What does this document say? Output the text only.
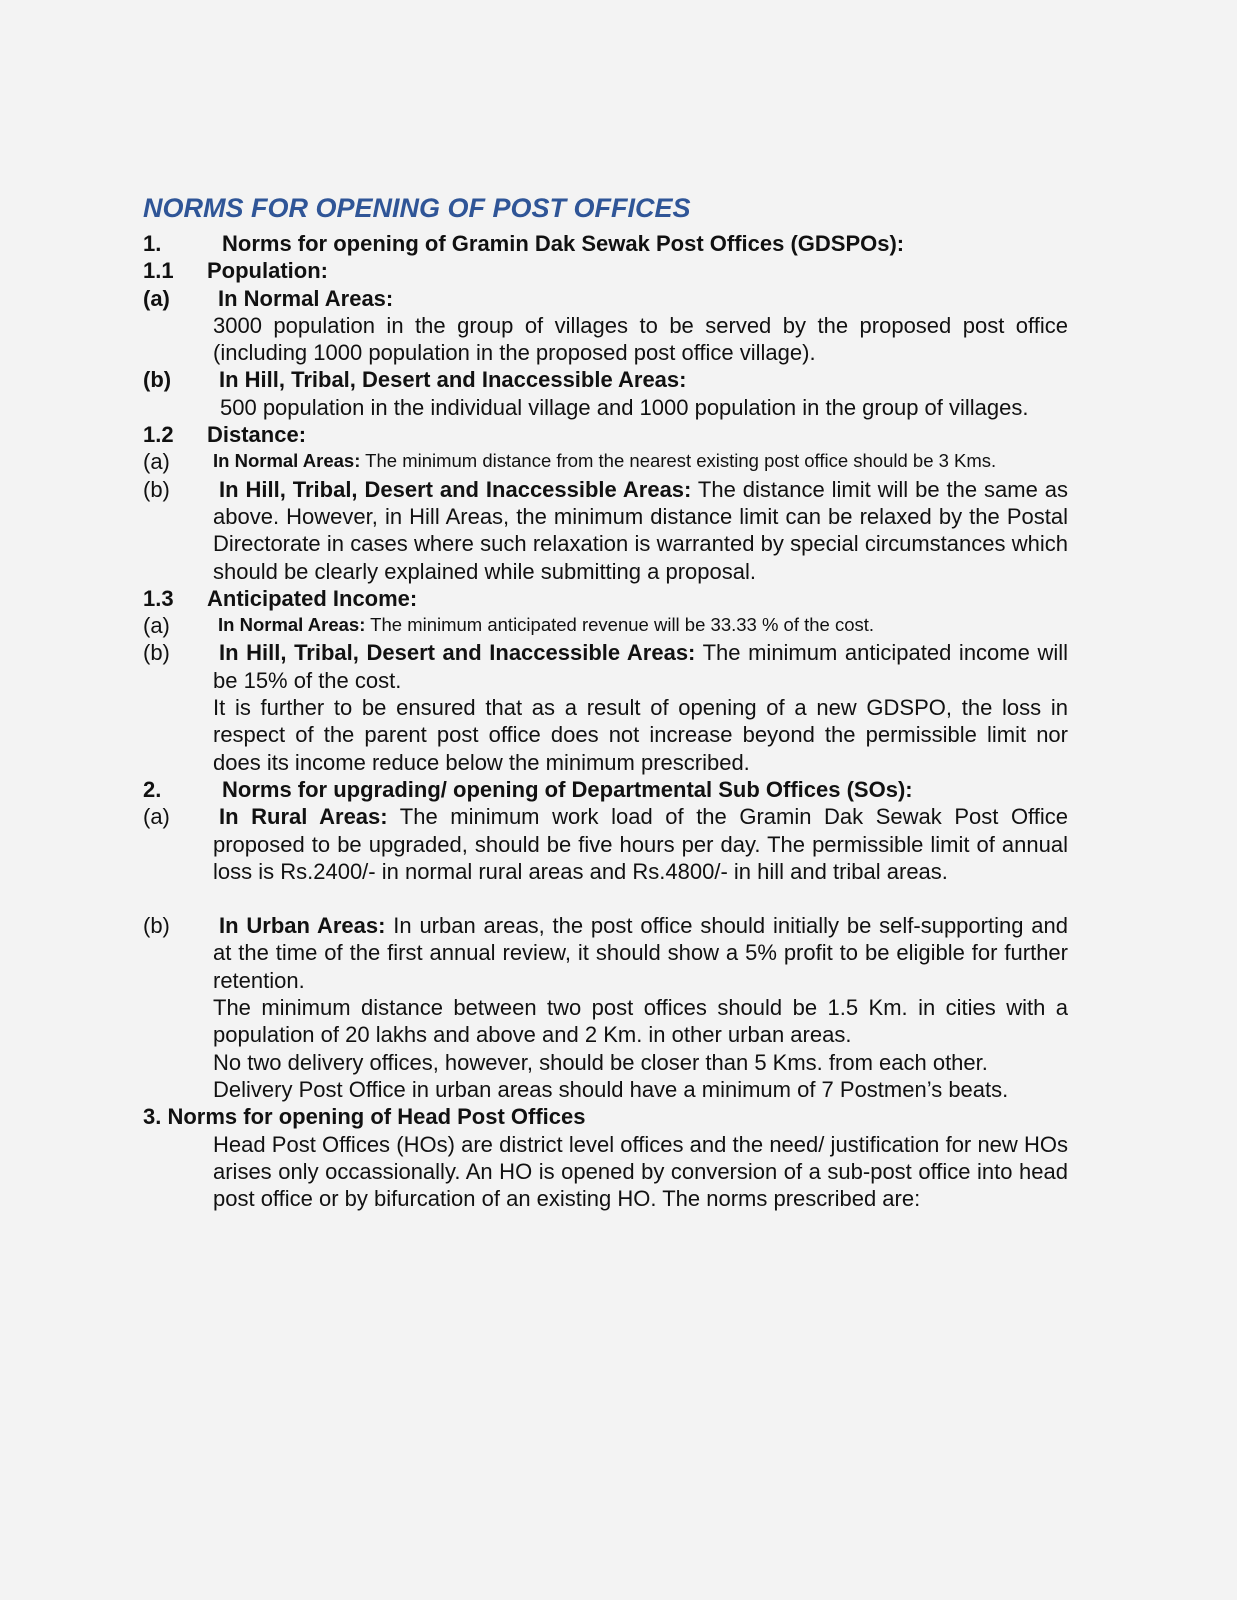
NORMS FOR OPENING OF POST OFFICES
1.	Norms for opening of Gramin Dak Sewak Post Offices (GDSPOs):
1.1	Population:
(a)	In Normal Areas:
3000 population in the group of villages to be served by the proposed post office (including 1000 population in the proposed post office village).
(b)	In Hill, Tribal, Desert and Inaccessible Areas:
500 population in the individual village and 1000 population in the group of villages.
1.2	Distance:
(a)	In Normal Areas: The minimum distance from the nearest existing post office should be 3 Kms.
(b)	In Hill, Tribal, Desert and Inaccessible Areas: The distance limit will be the same as above. However, in Hill Areas, the minimum distance limit can be relaxed by the Postal Directorate in cases where such relaxation is warranted by special circumstances which should be clearly explained while submitting a proposal.
1.3	Anticipated Income:
(a)	In Normal Areas: The minimum anticipated revenue will be 33.33 % of the cost.
(b)	In Hill, Tribal, Desert and Inaccessible Areas: The minimum anticipated income will be 15% of the cost.
It is further to be ensured that as a result of opening of a new GDSPO, the loss in respect of the parent post office does not increase beyond the permissible limit nor does its income reduce below the minimum prescribed.
2.	Norms for upgrading/ opening of Departmental Sub Offices (SOs):
(a)	In Rural Areas: The minimum work load of the Gramin Dak Sewak Post Office proposed to be upgraded, should be five hours per day. The permissible limit of annual loss is Rs.2400/- in normal rural areas and Rs.4800/- in hill and tribal areas.
(b)	In Urban Areas: In urban areas, the post office should initially be self-supporting and at the time of the first annual review, it should show a 5% profit to be eligible for further retention.
The minimum distance between two post offices should be 1.5 Km. in cities with a population of 20 lakhs and above and 2 Km. in other urban areas.
No two delivery offices, however, should be closer than 5 Kms. from each other.
Delivery Post Office in urban areas should have a minimum of 7 Postmen’s beats.
3. Norms for opening of Head Post Offices
Head Post Offices (HOs) are district level offices and the need/ justification for new HOs arises only occassionally. An HO is opened by conversion of a sub-post office into head post office or by bifurcation of an existing HO. The norms prescribed are:
